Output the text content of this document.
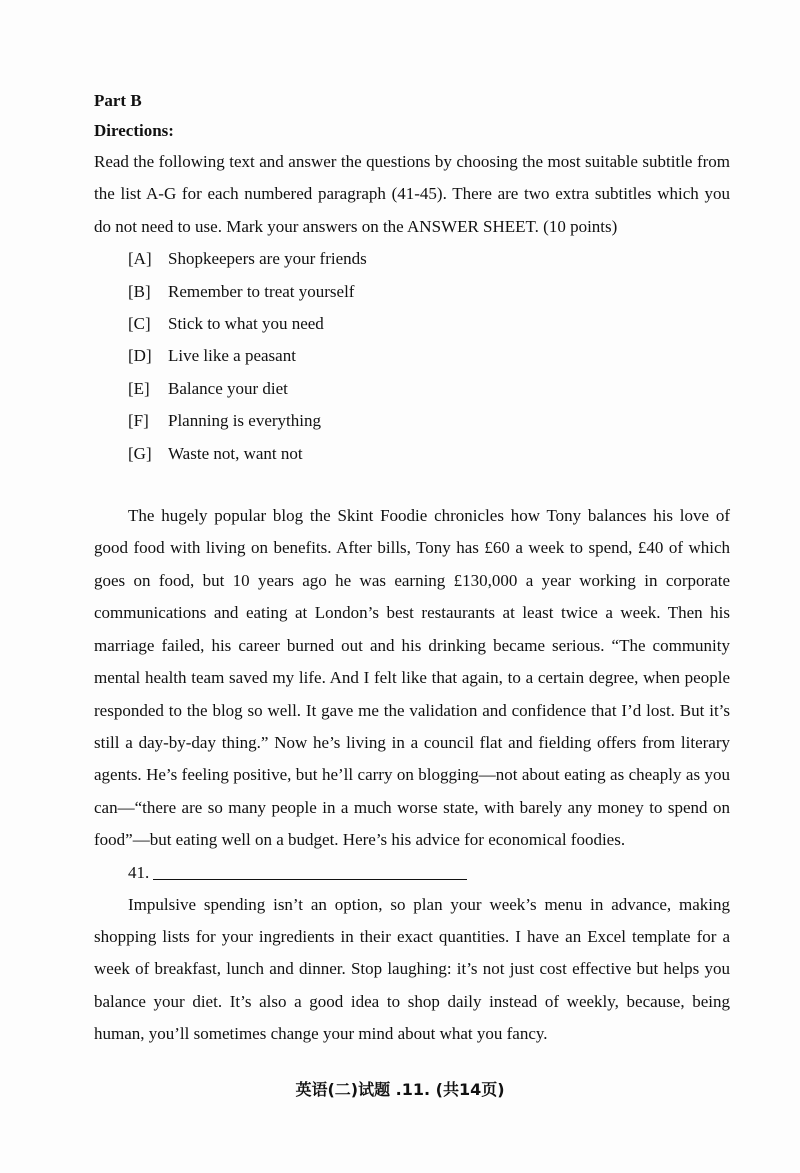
Part B

Directions:

Read the following text and answer the questions by choosing the most suitable subtitle from the list A-G for each numbered paragraph (41-45). There are two extra subtitles which you do not need to use. Mark your answers on the ANSWER SHEET. (10 points)

[A] Shopkeepers are your friends
[B] Remember to treat yourself
[C] Stick to what you need
[D] Live like a peasant
[E] Balance your diet
[F] Planning is everything
[G] Waste not, want not

The hugely popular blog the Skint Foodie chronicles how Tony balances his love of good food with living on benefits. After bills, Tony has £60 a week to spend, £40 of which goes on food, but 10 years ago he was earning £130,000 a year working in corporate communications and eating at London’s best restaurants at least twice a week. Then his marriage failed, his career burned out and his drinking became serious. “The community mental health team saved my life. And I felt like that again, to a certain degree, when people responded to the blog so well. It gave me the validation and confidence that I’d lost. But it’s still a day-by-day thing.” Now he’s living in a council flat and fielding offers from literary agents. He’s feeling positive, but he’ll carry on blogging—not about eating as cheaply as you can—“there are so many people in a much worse state, with barely any money to spend on food”—but eating well on a budget. Here’s his advice for economical foodies.

41.

Impulsive spending isn’t an option, so plan your week’s menu in advance, making shopping lists for your ingredients in their exact quantities. I have an Excel template for a week of breakfast, lunch and dinner. Stop laughing: it’s not just cost effective but helps you balance your diet. It’s also a good idea to shop daily instead of weekly, because, being human, you’ll sometimes change your mind about what you fancy.

英语(二)试题 .11. (共14页)
